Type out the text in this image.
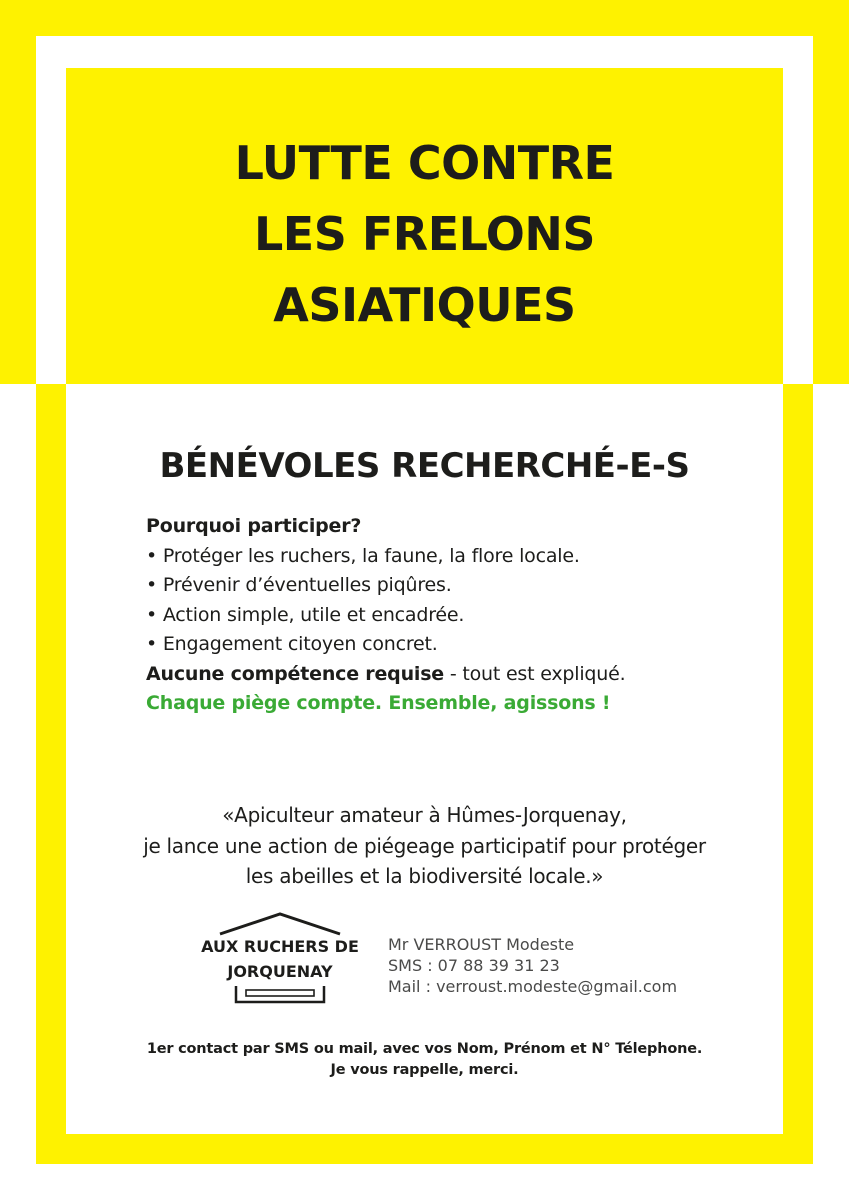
LUTTE CONTRE
LES FRELONS
ASIATIQUES
BÉNÉVOLES RECHERCHÉ-E-S
Pourquoi participer?
• Protéger les ruchers, la faune, la flore locale.
• Prévenir d’éventuelles piqûres.
• Action simple, utile et encadrée.
• Engagement citoyen concret.
Aucune compétence requise - tout est expliqué.
Chaque piège compte. Ensemble, agissons !
«Apiculteur amateur à Hûmes-Jorquenay,
je lance une action de piégeage participatif pour protéger
les abeilles et la biodiversité locale.»
AUX RUCHERS DE
JORQUENAY
Mr VERROUST Modeste
SMS : 07 88 39 31 23
Mail : verroust.modeste@gmail.com
1er contact par SMS ou mail, avec vos Nom, Prénom et N° Télephone.
Je vous rappelle, merci.
